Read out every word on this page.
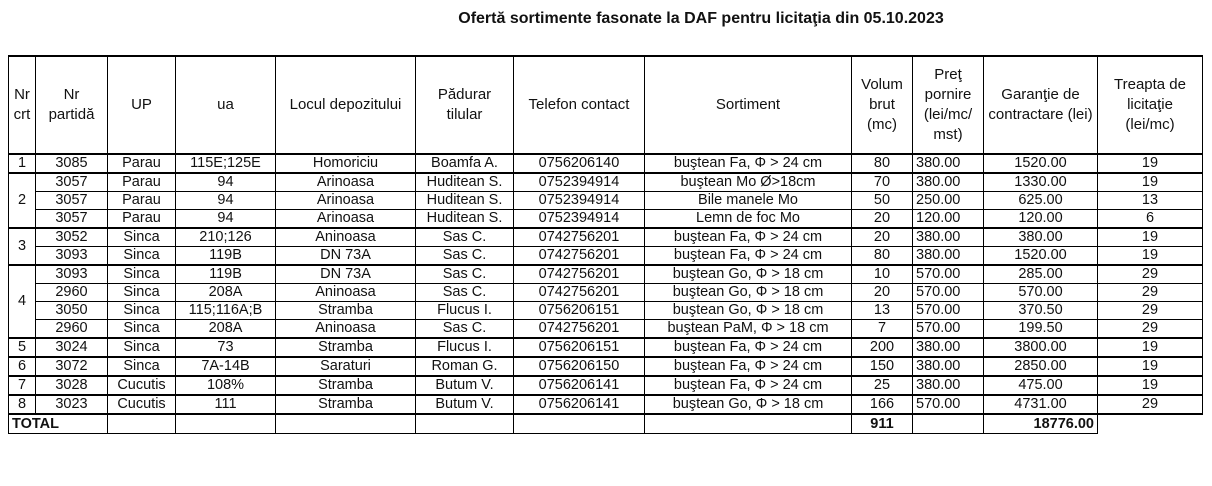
Ofertă sortimente fasonate la DAF pentru licitaţia din 05.10.2023
Nr crt	Nr partidă	UP	ua	Locul depozitului	Pădurar tilular	Telefon contact	Sortiment	Volum brut (mc)	Preţ pornire (lei/mc/ mst)	Garanţie de contractare (lei)	Treapta de licitaţie (lei/mc)
1	3085	Parau	115E;125E	Homoriciu	Boamfa A.	0756206140	buştean Fa, Φ > 24 cm	80	380.00	1520.00	19
2	3057	Parau	94	Arinoasa	Huditean S.	0752394914	buştean Mo Ø>18cm	70	380.00	1330.00	19
	3057	Parau	94	Arinoasa	Huditean S.	0752394914	Bile manele Mo	50	250.00	625.00	13
	3057	Parau	94	Arinoasa	Huditean S.	0752394914	Lemn de foc Mo	20	120.00	120.00	6
3	3052	Sinca	210;126	Aninoasa	Sas C.	0742756201	buştean Fa, Φ > 24 cm	20	380.00	380.00	19
	3093	Sinca	119B	DN 73A	Sas C.	0742756201	buştean Fa, Φ > 24 cm	80	380.00	1520.00	19
4	3093	Sinca	119B	DN 73A	Sas C.	0742756201	buştean Go, Φ > 18 cm	10	570.00	285.00	29
	2960	Sinca	208A	Aninoasa	Sas C.	0742756201	buştean Go, Φ > 18 cm	20	570.00	570.00	29
	3050	Sinca	115;116A;B	Stramba	Flucus I.	0756206151	buştean Go, Φ > 18 cm	13	570.00	370.50	29
	2960	Sinca	208A	Aninoasa	Sas C.	0742756201	buştean PaM, Φ > 18 cm	7	570.00	199.50	29
5	3024	Sinca	73	Stramba	Flucus I.	0756206151	buştean Fa, Φ > 24 cm	200	380.00	3800.00	19
6	3072	Sinca	7A-14B	Saraturi	Roman G.	0756206150	buştean Fa, Φ > 24 cm	150	380.00	2850.00	19
7	3028	Cucutis	108%	Stramba	Butum V.	0756206141	buştean Fa, Φ > 24 cm	25	380.00	475.00	19
8	3023	Cucutis	111	Stramba	Butum V.	0756206141	buştean Go, Φ > 18 cm	166	570.00	4731.00	29
TOTAL								911		18776.00	
